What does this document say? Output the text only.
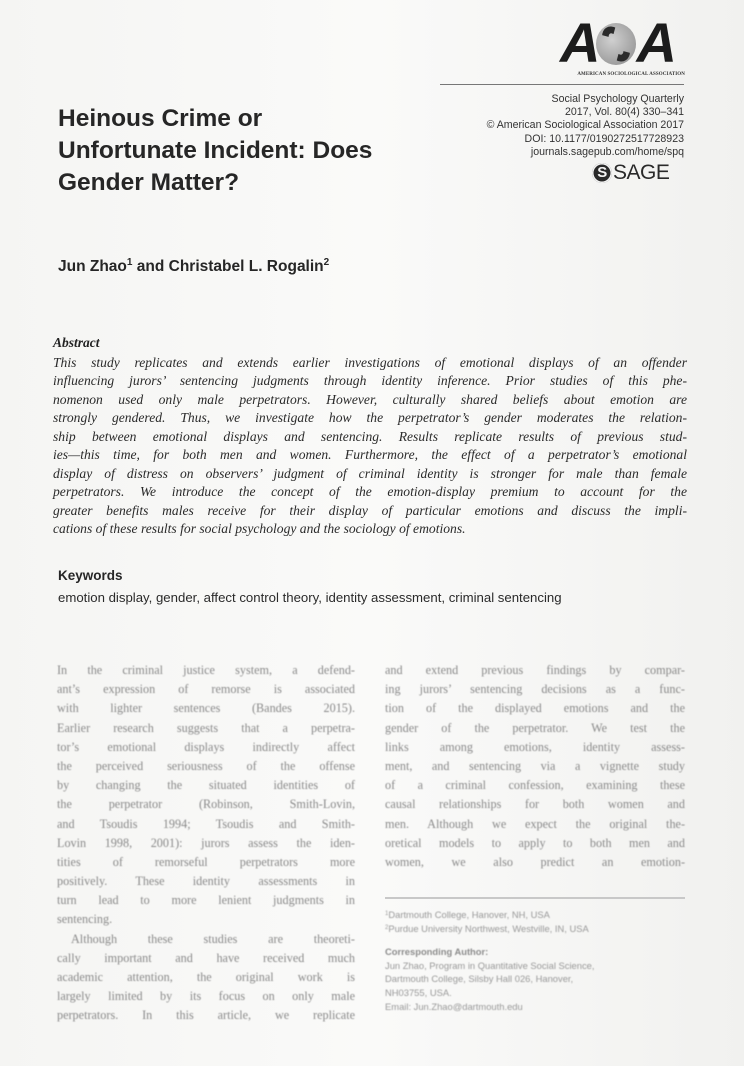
A A
AMERICAN SOCIOLOGICAL ASSOCIATION
Social Psychology Quarterly
2017, Vol. 80(4) 330–341
© American Sociological Association 2017
DOI: 10.1177/0190272517728923
journals.sagepub.com/home/spq
S SAGE
Heinous Crime or
Unfortunate Incident: Does
Gender Matter?
Jun Zhao$^1$ and Christabel L. Rogalin$^2$
Abstract
This study replicates and extends earlier investigations of emotional displays of an offender
influencing jurors’ sentencing judgments through identity inference. Prior studies of this phe-
nomenon used only male perpetrators. However, culturally shared beliefs about emotion are
strongly gendered. Thus, we investigate how the perpetrator’s gender moderates the relation-
ship between emotional displays and sentencing. Results replicate results of previous stud-
ies—this time, for both men and women. Furthermore, the effect of a perpetrator’s emotional
display of distress on observers’ judgment of criminal identity is stronger for male than female
perpetrators. We introduce the concept of the emotion-display premium to account for the
greater benefits males receive for their display of particular emotions and discuss the impli-
cations of these results for social psychology and the sociology of emotions.
Keywords
emotion display, gender, affect control theory, identity assessment, criminal sentencing
In the criminal justice system, a defend-
ant’s expression of remorse is associated
with lighter sentences (Bandes 2015).
Earlier research suggests that a perpetra-
tor’s emotional displays indirectly affect
the perceived seriousness of the offense
by changing the situated identities of
the perpetrator (Robinson, Smith-Lovin,
and Tsoudis 1994; Tsoudis and Smith-
Lovin 1998, 2001): jurors assess the iden-
tities of remorseful perpetrators more
positively. These identity assessments in
turn lead to more lenient judgments in
sentencing.
Although these studies are theoreti-
cally important and have received much
academic attention, the original work is
largely limited by its focus on only male
perpetrators. In this article, we replicate
and extend previous findings by compar-
ing jurors’ sentencing decisions as a func-
tion of the displayed emotions and the
gender of the perpetrator. We test the
links among emotions, identity assess-
ment, and sentencing via a vignette study
of a criminal confession, examining these
causal relationships for both women and
men. Although we expect the original the-
oretical models to apply to both men and
women, we also predict an emotion-
$^1$Dartmouth College, Hanover, NH, USA
$^2$Purdue University Northwest, Westville, IN, USA
Corresponding Author:
Jun Zhao, Program in Quantitative Social Science,
Dartmouth College, Silsby Hall 026, Hanover,
NH03755, USA.
Email: Jun.Zhao@dartmouth.edu
